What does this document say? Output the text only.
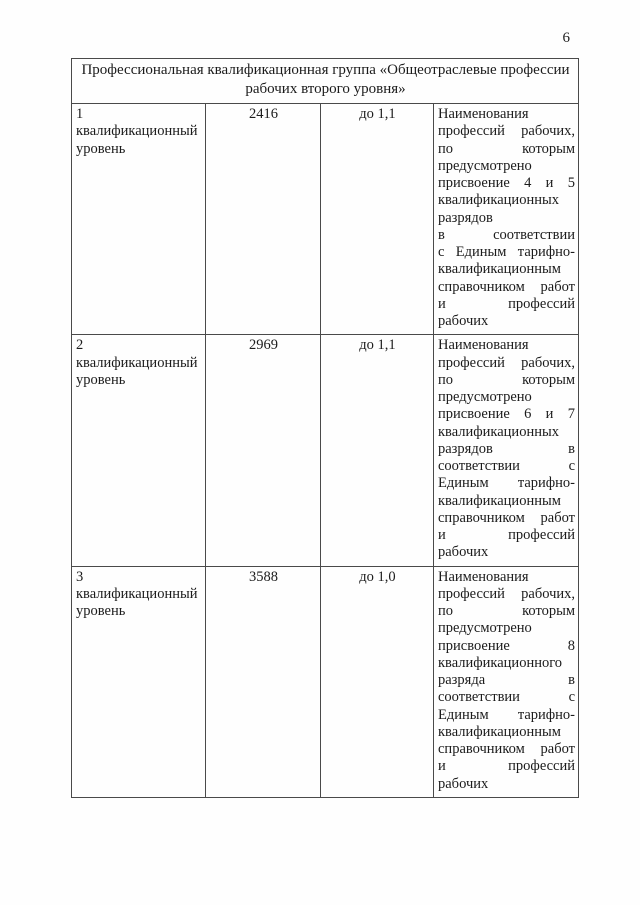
6
Профессиональная квалификационная группа «Общеотраслевые профессии
рабочих второго уровня»			

1
квалификационный
уровень
	2416	до 1,1	Наименования
профессий рабочих,
по которым
предусмотрено
присвоение 4 и 5
квалификационных
разрядов
в соответствии
с Единым тарифно-
квалификационным
справочником работ
и профессий
рабочих

2
квалификационный
уровень
	2969	до 1,1	Наименования
профессий рабочих,
по которым
предусмотрено
присвоение 6 и 7
квалификационных
разрядов в
соответствии с
Единым тарифно-
квалификационным
справочником работ
и профессий
рабочих

3
квалификационный
уровень
	3588	до 1,0	Наименования
профессий рабочих,
по которым
предусмотрено
присвоение 8
квалификационного
разряда в
соответствии с
Единым тарифно-
квалификационным
справочником работ
и профессий
рабочих
